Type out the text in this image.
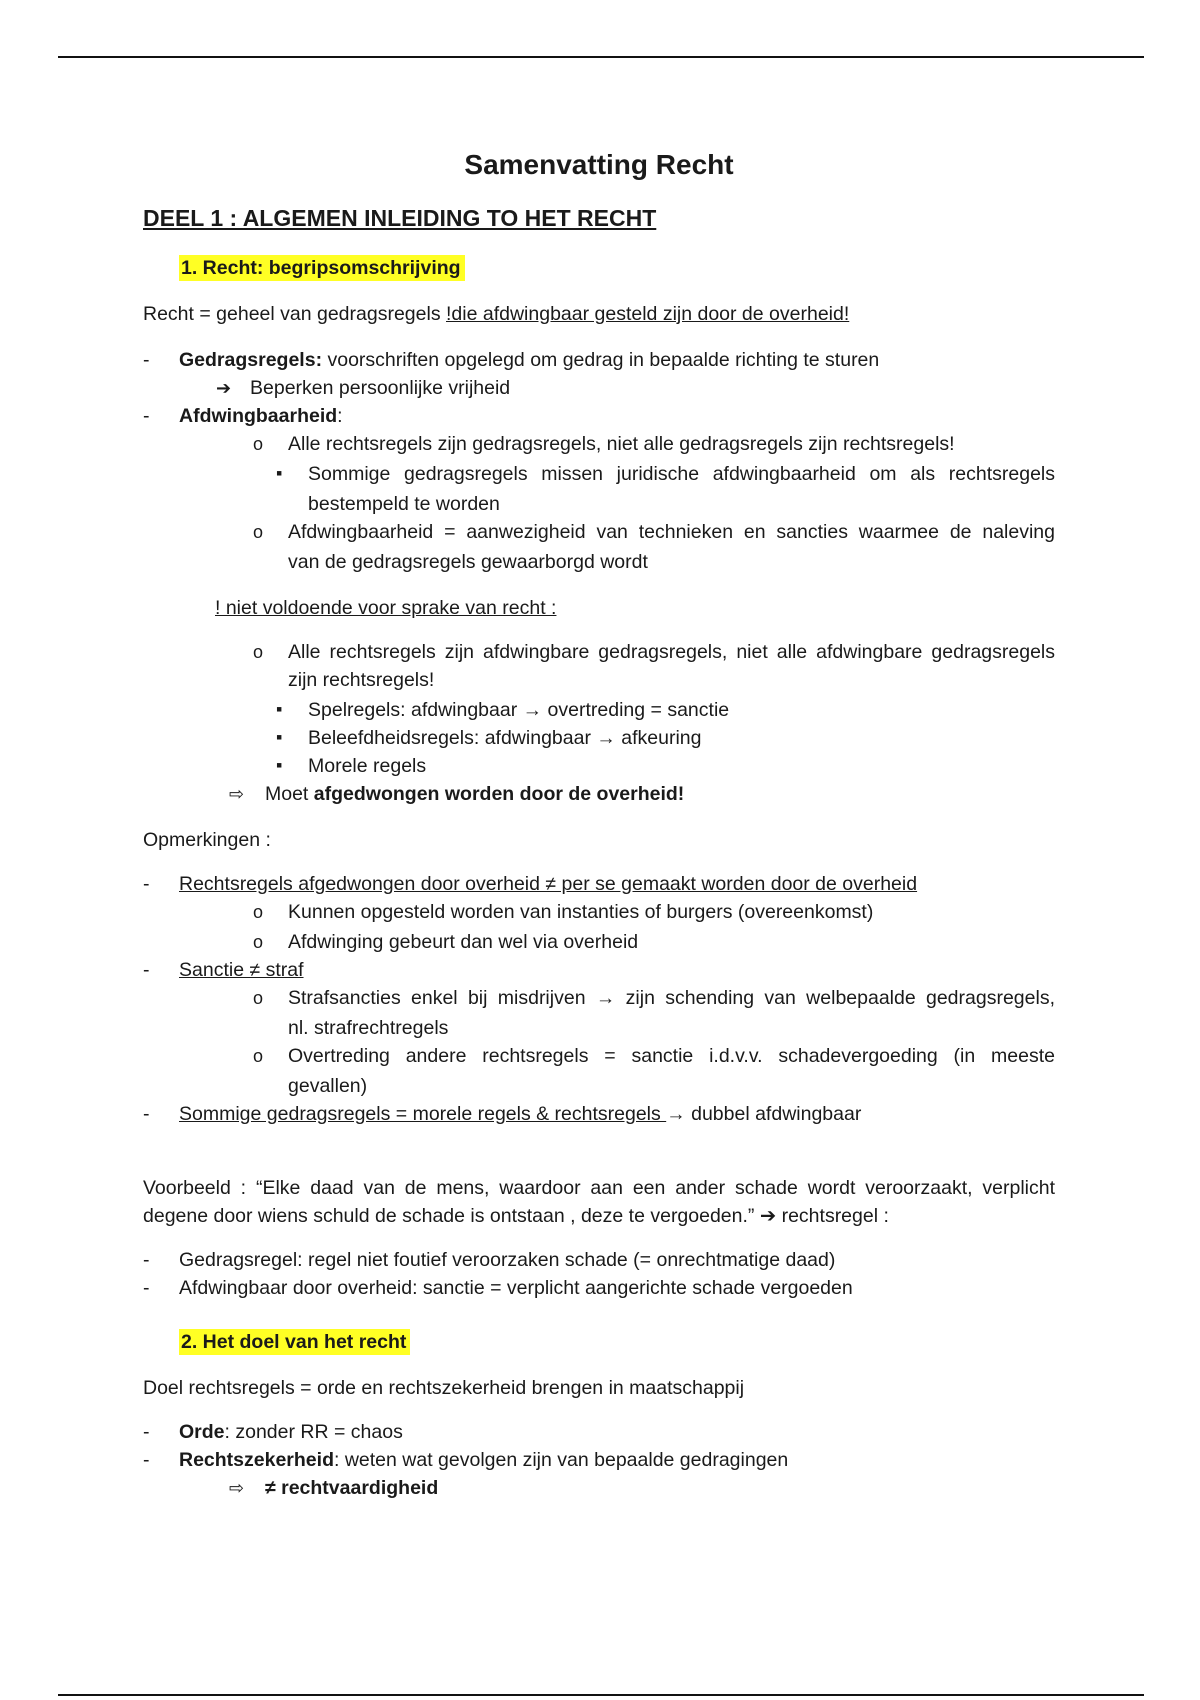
Samenvatting Recht
DEEL 1 : ALGEMEN INLEIDING TO HET RECHT
1. Recht: begripsomschrijving
Recht = geheel van gedragsregels !die afdwingbaar gesteld zijn door de overheid!
- Gedragsregels: voorschriften opgelegd om gedrag in bepaalde richting te sturen
➔ Beperken persoonlijke vrijheid
- Afdwingbaarheid:
o Alle rechtsregels zijn gedragsregels, niet alle gedragsregels zijn rechtsregels!
▪ Sommige gedragsregels missen juridische afdwingbaarheid om als rechtsregels
bestempeld te worden
o Afdwingbaarheid = aanwezigheid van technieken en sancties waarmee de naleving
van de gedragsregels gewaarborgd wordt
! niet voldoende voor sprake van recht :
o Alle rechtsregels zijn afdwingbare gedragsregels, niet alle afdwingbare gedragsregels
zijn rechtsregels!
▪ Spelregels: afdwingbaar → overtreding = sanctie
▪ Beleefdheidsregels: afdwingbaar → afkeuring
▪ Morele regels
⇨ Moet afgedwongen worden door de overheid!
Opmerkingen :
- Rechtsregels afgedwongen door overheid ≠ per se gemaakt worden door de overheid
o Kunnen opgesteld worden van instanties of burgers (overeenkomst)
o Afdwinging gebeurt dan wel via overheid
- Sanctie ≠ straf
o Strafsancties enkel bij misdrijven → zijn schending van welbepaalde gedragsregels,
nl. strafrechtregels
o Overtreding andere rechtsregels = sanctie i.d.v.v. schadevergoeding (in meeste
gevallen)
- Sommige gedragsregels = morele regels & rechtsregels → dubbel afdwingbaar
Voorbeeld : “Elke daad van de mens, waardoor aan een ander schade wordt veroorzaakt, verplicht
degene door wiens schuld de schade is ontstaan , deze te vergoeden.” ➔ rechtsregel :
- Gedragsregel: regel niet foutief veroorzaken schade (= onrechtmatige daad)
- Afdwingbaar door overheid: sanctie = verplicht aangerichte schade vergoeden
2. Het doel van het recht
Doel rechtsregels = orde en rechtszekerheid brengen in maatschappij
- Orde: zonder RR = chaos
- Rechtszekerheid: weten wat gevolgen zijn van bepaalde gedragingen
⇨ ≠ rechtvaardigheid
